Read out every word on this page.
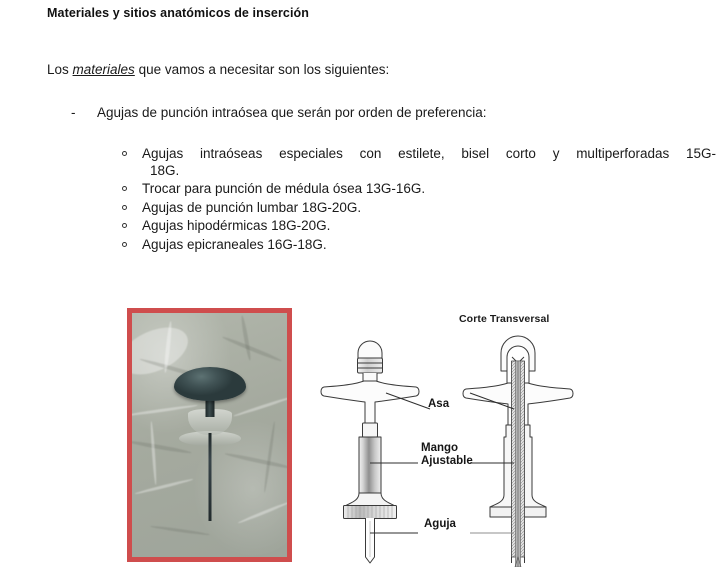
Materiales y sitios anatómicos de inserción
Los materiales que vamos a necesitar son los siguientes:
- Agujas de punción intraósea que serán por orden de preferencia:
Agujas intraóseas especiales con estilete, bisel corto y multiperforadas 15G-
18G.
Trocar para punción de médula ósea 13G-16G.
Agujas de punción lumbar 18G-20G.
Agujas hipodérmicas 18G-20G.
Agujas epicraneales 16G-18G.
Corte Transversal
Asa
Mango
Ajustable
Aguja
